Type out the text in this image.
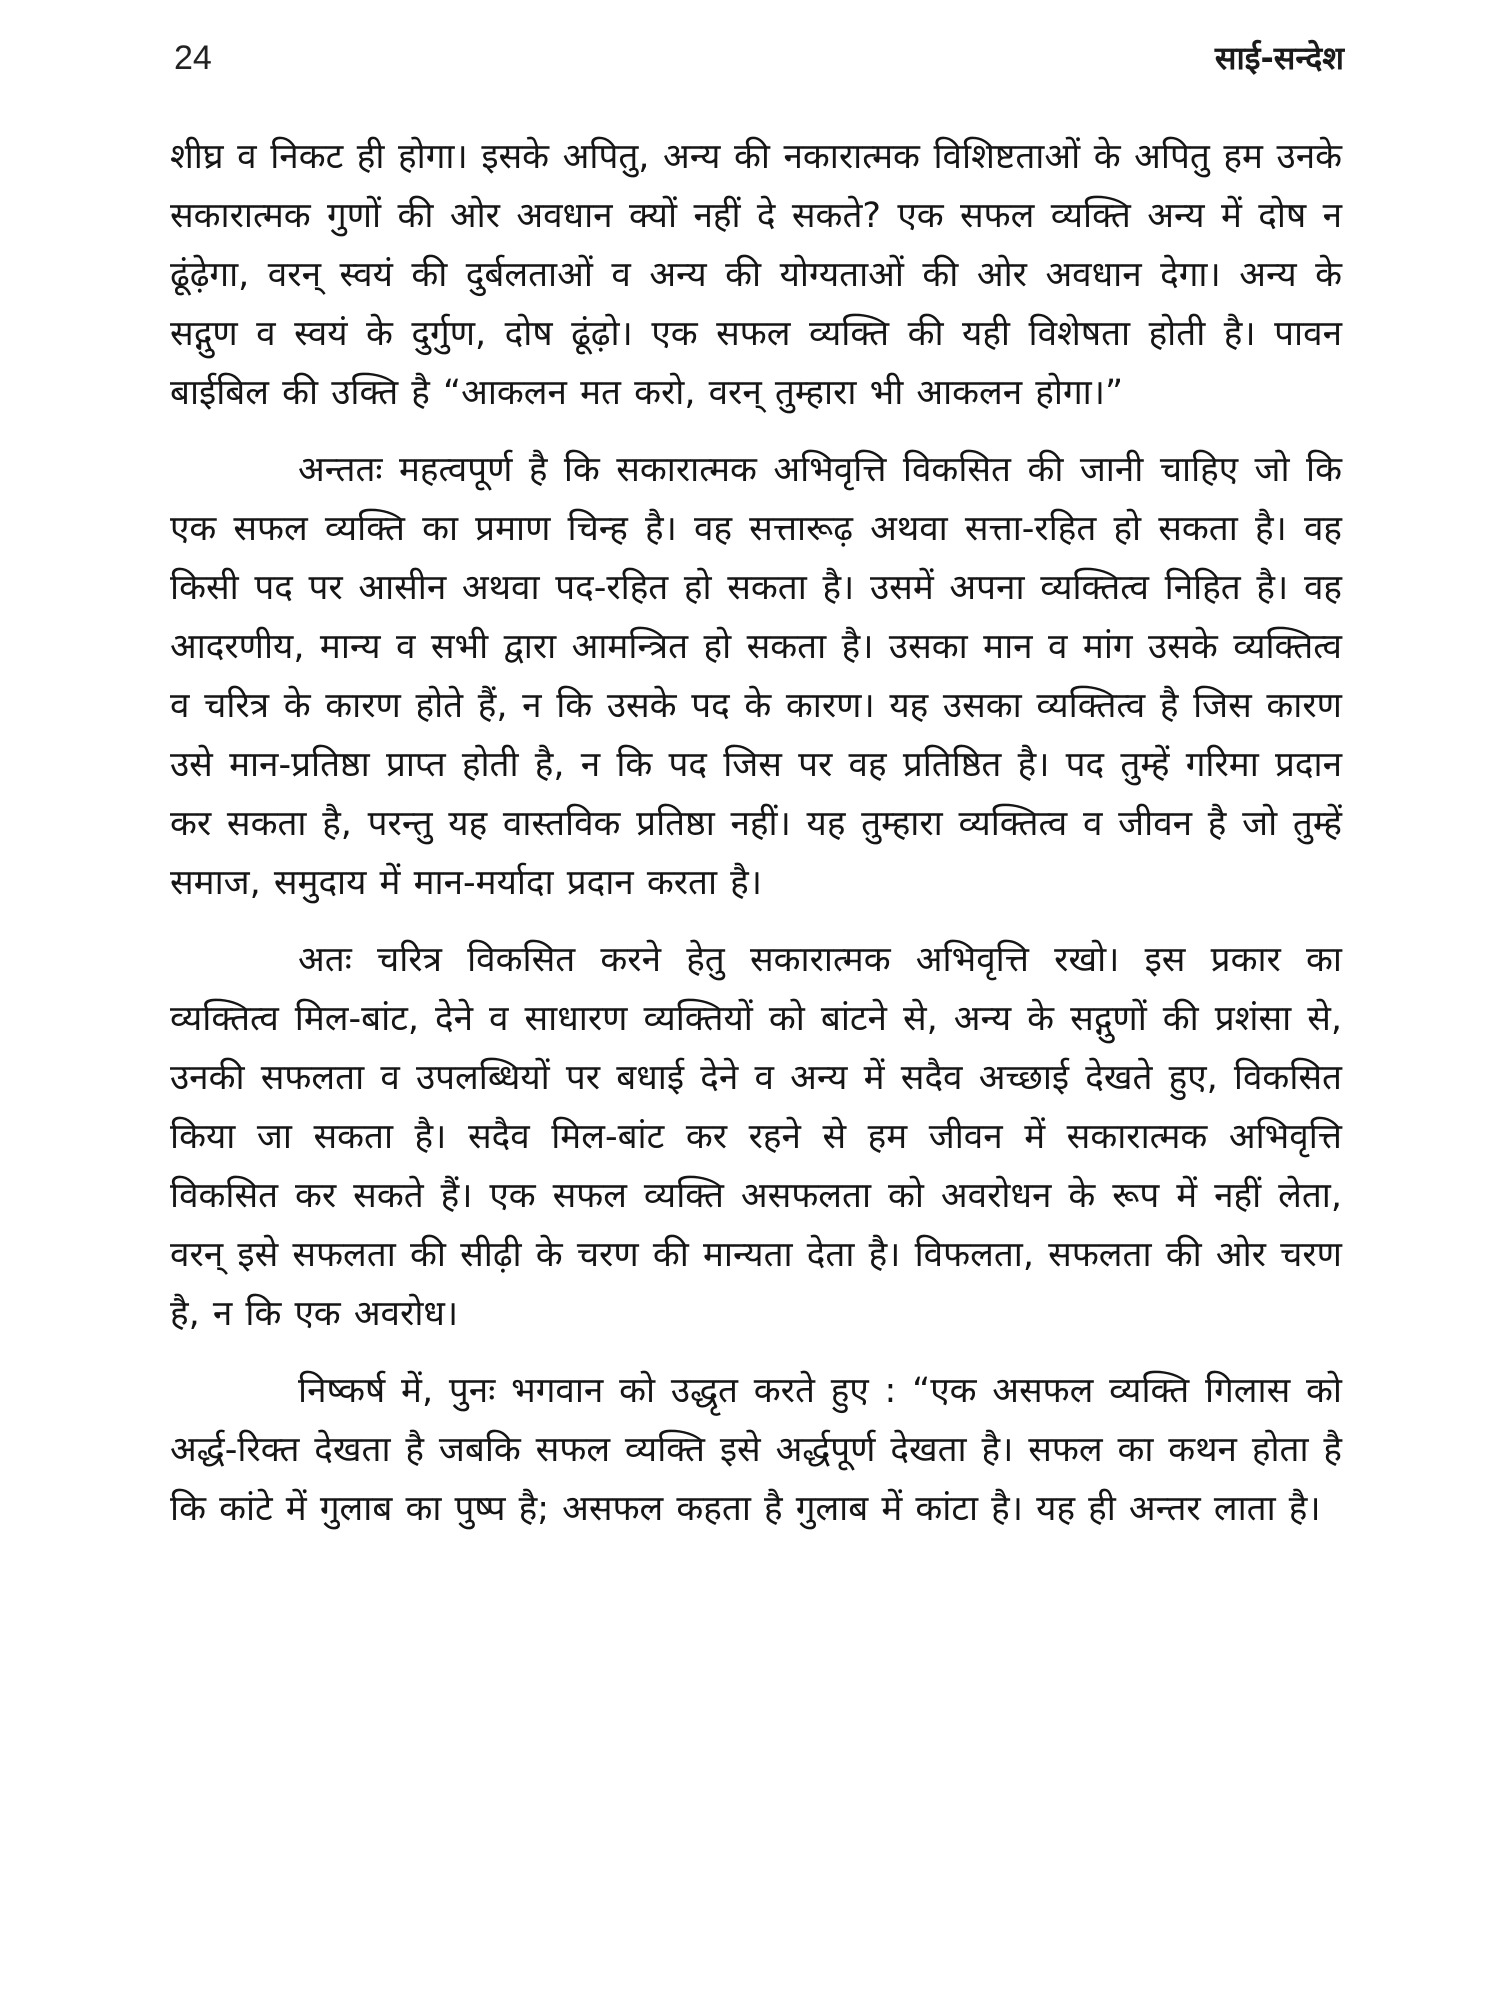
24	साई-सन्देश

शीघ्र व निकट ही होगा। इसके अपितु, अन्य की नकारात्मक विशिष्टताओं के अपितु हम उनके सकारात्मक गुणों की ओर अवधान क्यों नहीं दे सकते? एक सफल व्यक्ति अन्य में दोष न ढूंढ़ेगा, वरन् स्वयं की दुर्बलताओं व अन्य की योग्यताओं की ओर अवधान देगा। अन्य के सद्गुण व स्वयं के दुर्गुण, दोष ढूंढ़ो। एक सफल व्यक्ति की यही विशेषता होती है। पावन बाईबिल की उक्ति है “आकलन मत करो, वरन् तुम्हारा भी आकलन होगा।”

अन्ततः महत्वपूर्ण है कि सकारात्मक अभिवृत्ति विकसित की जानी चाहिए जो कि एक सफल व्यक्ति का प्रमाण चिन्ह है। वह सत्तारूढ़ अथवा सत्ता-रहित हो सकता है। वह किसी पद पर आसीन अथवा पद-रहित हो सकता है। उसमें अपना व्यक्तित्व निहित है। वह आदरणीय, मान्य व सभी द्वारा आमन्त्रित हो सकता है। उसका मान व मांग उसके व्यक्तित्व व चरित्र के कारण होते हैं, न कि उसके पद के कारण। यह उसका व्यक्तित्व है जिस कारण उसे मान-प्रतिष्ठा प्राप्त होती है, न कि पद जिस पर वह प्रतिष्ठित है। पद तुम्हें गरिमा प्रदान कर सकता है, परन्तु यह वास्तविक प्रतिष्ठा नहीं। यह तुम्हारा व्यक्तित्व व जीवन है जो तुम्हें समाज, समुदाय में मान-मर्यादा प्रदान करता है।

अतः चरित्र विकसित करने हेतु सकारात्मक अभिवृत्ति रखो। इस प्रकार का व्यक्तित्व मिल-बांट, देने व साधारण व्यक्तियों को बांटने से, अन्य के सद्गुणों की प्रशंसा से, उनकी सफलता व उपलब्धियों पर बधाई देने व अन्य में सदैव अच्छाई देखते हुए, विकसित किया जा सकता है। सदैव मिल-बांट कर रहने से हम जीवन में सकारात्मक अभिवृत्ति विकसित कर सकते हैं। एक सफल व्यक्ति असफलता को अवरोधन के रूप में नहीं लेता, वरन् इसे सफलता की सीढ़ी के चरण की मान्यता देता है। विफलता, सफलता की ओर चरण है, न कि एक अवरोध।

निष्कर्ष में, पुनः भगवान को उद्धृत करते हुए : “एक असफल व्यक्ति गिलास को अर्द्ध-रिक्त देखता है जबकि सफल व्यक्ति इसे अर्द्धपूर्ण देखता है। सफल का कथन होता है कि कांटे में गुलाब का पुष्प है; असफल कहता है गुलाब में कांटा है। यह ही अन्तर लाता है।
